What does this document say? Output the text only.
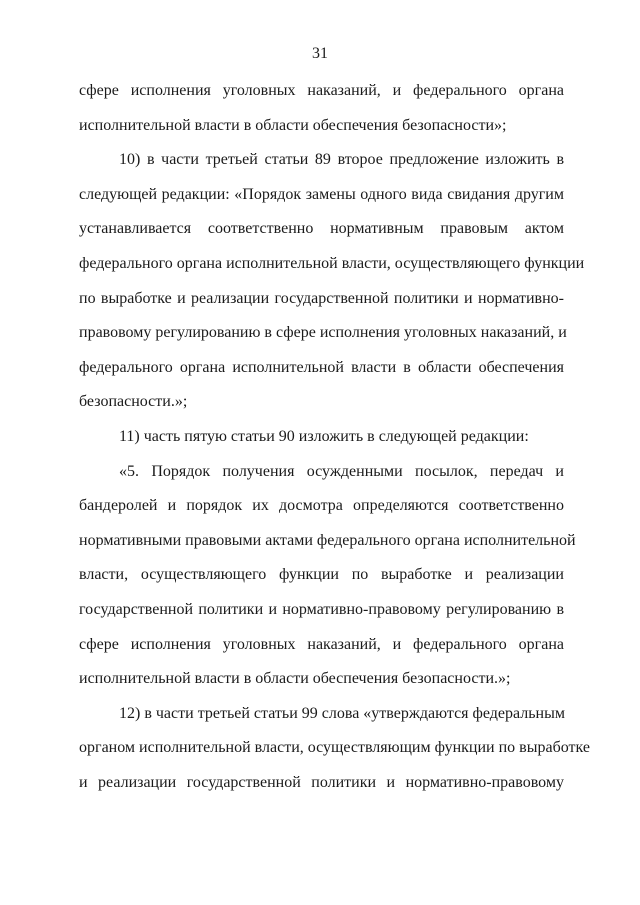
31
сфере исполнения уголовных наказаний, и федерального органа
исполнительной власти в области обеспечения безопасности»;
10) в части третьей статьи 89 второе предложение изложить в
следующей редакции: «Порядок замены одного вида свидания другим
устанавливается соответственно нормативным правовым актом
федерального органа исполнительной власти, осуществляющего функции
по выработке и реализации государственной политики и нормативно-
правовому регулированию в сфере исполнения уголовных наказаний, и
федерального органа исполнительной власти в области обеспечения
безопасности.»;
11) часть пятую статьи 90 изложить в следующей редакции:
«5. Порядок получения осужденными посылок, передач и
бандеролей и порядок их досмотра определяются соответственно
нормативными правовыми актами федерального органа исполнительной
власти, осуществляющего функции по выработке и реализации
государственной политики и нормативно-правовому регулированию в
сфере исполнения уголовных наказаний, и федерального органа
исполнительной власти в области обеспечения безопасности.»;
12) в части третьей статьи 99 слова «утверждаются федеральным
органом исполнительной власти, осуществляющим функции по выработке
и реализации государственной политики и нормативно-правовому
